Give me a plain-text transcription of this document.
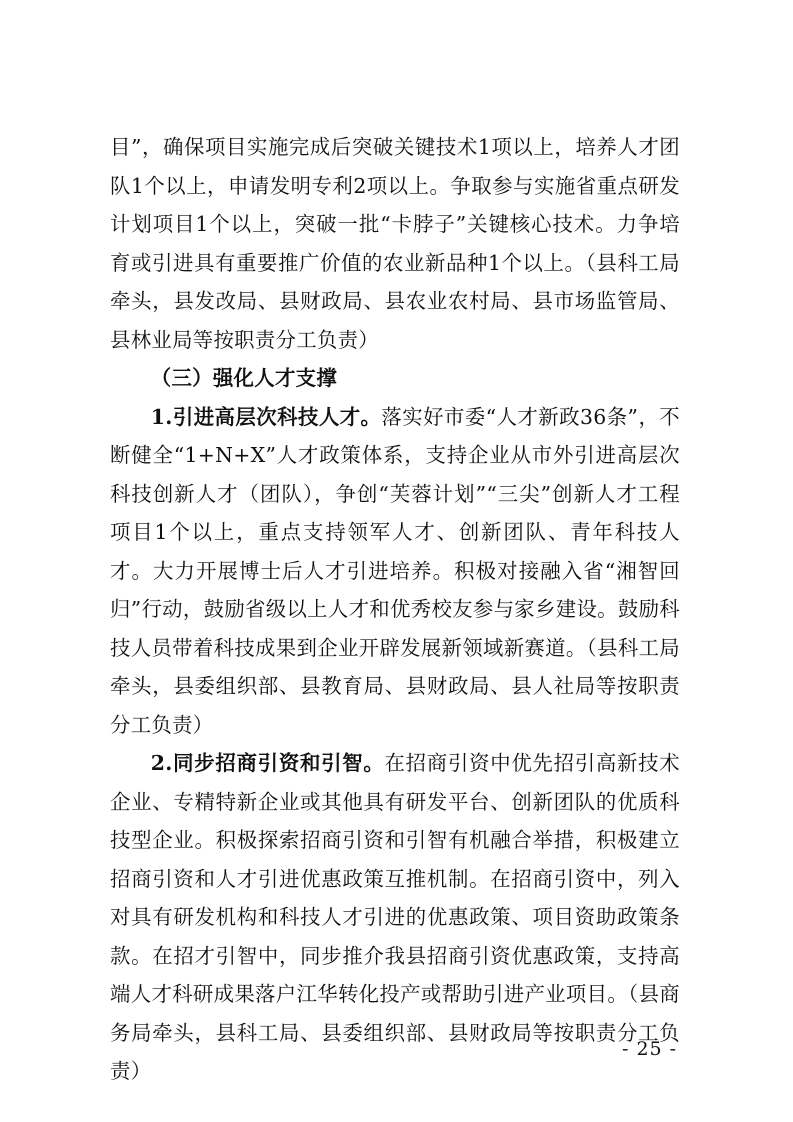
目”，确保项目实施完成后突破关键技术1项以上，培养人才团队1个以上，申请发明专利2项以上。争取参与实施省重点研发计划项目1个以上，突破一批“卡脖子”关键核心技术。力争培育或引进具有重要推广价值的农业新品种1个以上。（县科工局牵头，县发改局、县财政局、县农业农村局、县市场监管局、县林业局等按职责分工负责）

（三）强化人才支撑

1.引进高层次科技人才。落实好市委“人才新政36条”，不断健全“1+N+X”人才政策体系，支持企业从市外引进高层次科技创新人才（团队），争创“芙蓉计划”“三尖”创新人才工程项目1个以上，重点支持领军人才、创新团队、青年科技人才。大力开展博士后人才引进培养。积极对接融入省“湘智回归”行动，鼓励省级以上人才和优秀校友参与家乡建设。鼓励科技人员带着科技成果到企业开辟发展新领域新赛道。（县科工局牵头，县委组织部、县教育局、县财政局、县人社局等按职责分工负责）

2.同步招商引资和引智。在招商引资中优先招引高新技术企业、专精特新企业或其他具有研发平台、创新团队的优质科技型企业。积极探索招商引资和引智有机融合举措，积极建立招商引资和人才引进优惠政策互推机制。在招商引资中，列入对具有研发机构和科技人才引进的优惠政策、项目资助政策条款。在招才引智中，同步推介我县招商引资优惠政策，支持高端人才科研成果落户江华转化投产或帮助引进产业项目。（县商务局牵头，县科工局、县委组织部、县财政局等按职责分工负责）

- 25 -
